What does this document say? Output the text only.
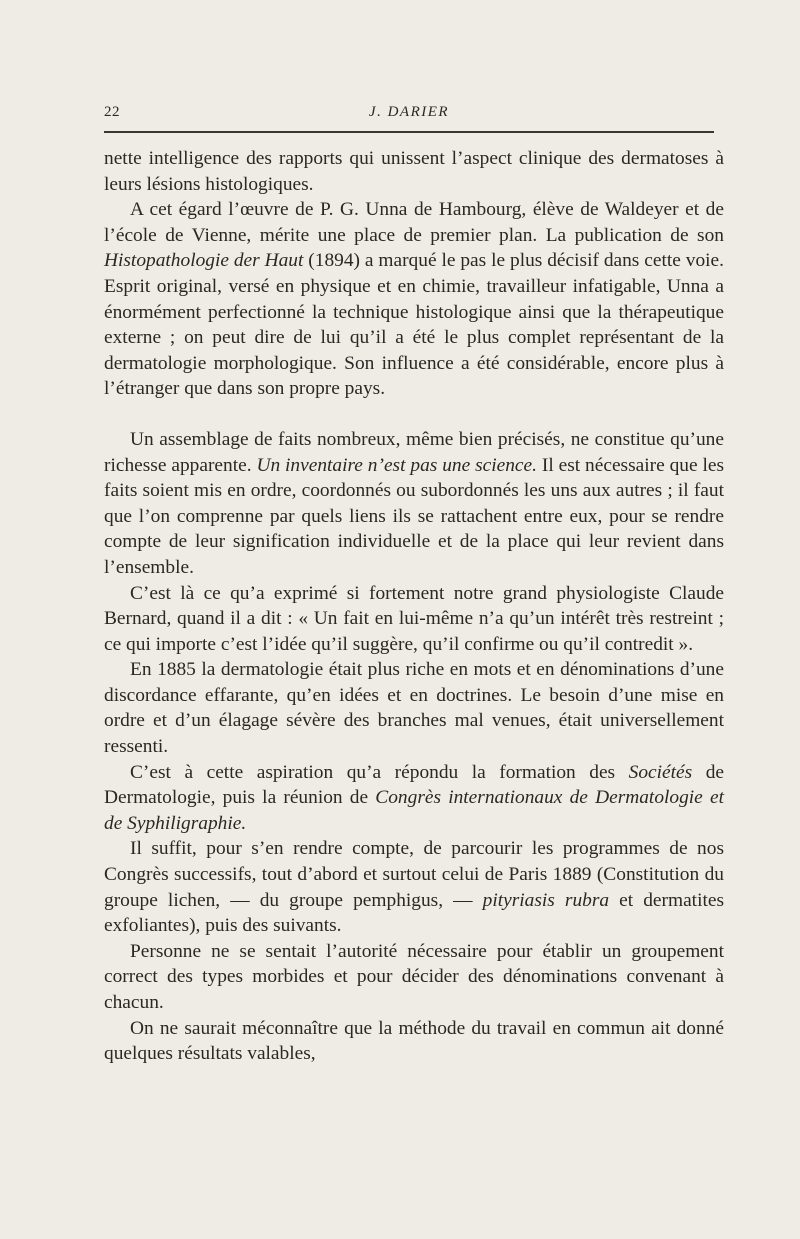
22	J. DARIER

nette intelligence des rapports qui unissent l’aspect clinique des dermatoses à leurs lésions histologiques.

A cet égard l’œuvre de P. G. Unna de Hambourg, élève de Waldeyer et de l’école de Vienne, mérite une place de premier plan. La publication de son Histopathologie der Haut (1894) a marqué le pas le plus décisif dans cette voie. Esprit original, versé en physique et en chimie, travailleur infatigable, Unna a énormément perfectionné la technique histologique ainsi que la thérapeutique externe ; on peut dire de lui qu’il a été le plus complet représentant de la dermatologie morphologique. Son influence a été considérable, encore plus à l’étranger que dans son propre pays.

Un assemblage de faits nombreux, même bien précisés, ne constitue qu’une richesse apparente. Un inventaire n’est pas une science. Il est nécessaire que les faits soient mis en ordre, coordonnés ou subordonnés les uns aux autres ; il faut que l’on comprenne par quels liens ils se rattachent entre eux, pour se rendre compte de leur signification individuelle et de la place qui leur revient dans l’ensemble.

C’est là ce qu’a exprimé si fortement notre grand physiologiste Claude Bernard, quand il a dit : « Un fait en lui-même n’a qu’un intérêt très restreint ; ce qui importe c’est l’idée qu’il suggère, qu’il confirme ou qu’il contredit ».

En 1885 la dermatologie était plus riche en mots et en dénominations d’une discordance effarante, qu’en idées et en doctrines. Le besoin d’une mise en ordre et d’un élagage sévère des branches mal venues, était universellement ressenti.

C’est à cette aspiration qu’a répondu la formation des Sociétés de Dermatologie, puis la réunion de Congrès internationaux de Dermatologie et de Syphiligraphie.

Il suffit, pour s’en rendre compte, de parcourir les programmes de nos Congrès successifs, tout d’abord et surtout celui de Paris 1889 (Constitution du groupe lichen, — du groupe pemphigus, — pityriasis rubra et dermatites exfoliantes), puis des suivants.

Personne ne se sentait l’autorité nécessaire pour établir un groupement correct des types morbides et pour décider des dénominations convenant à chacun.

On ne saurait méconnaître que la méthode du travail en commun ait donné quelques résultats valables,
